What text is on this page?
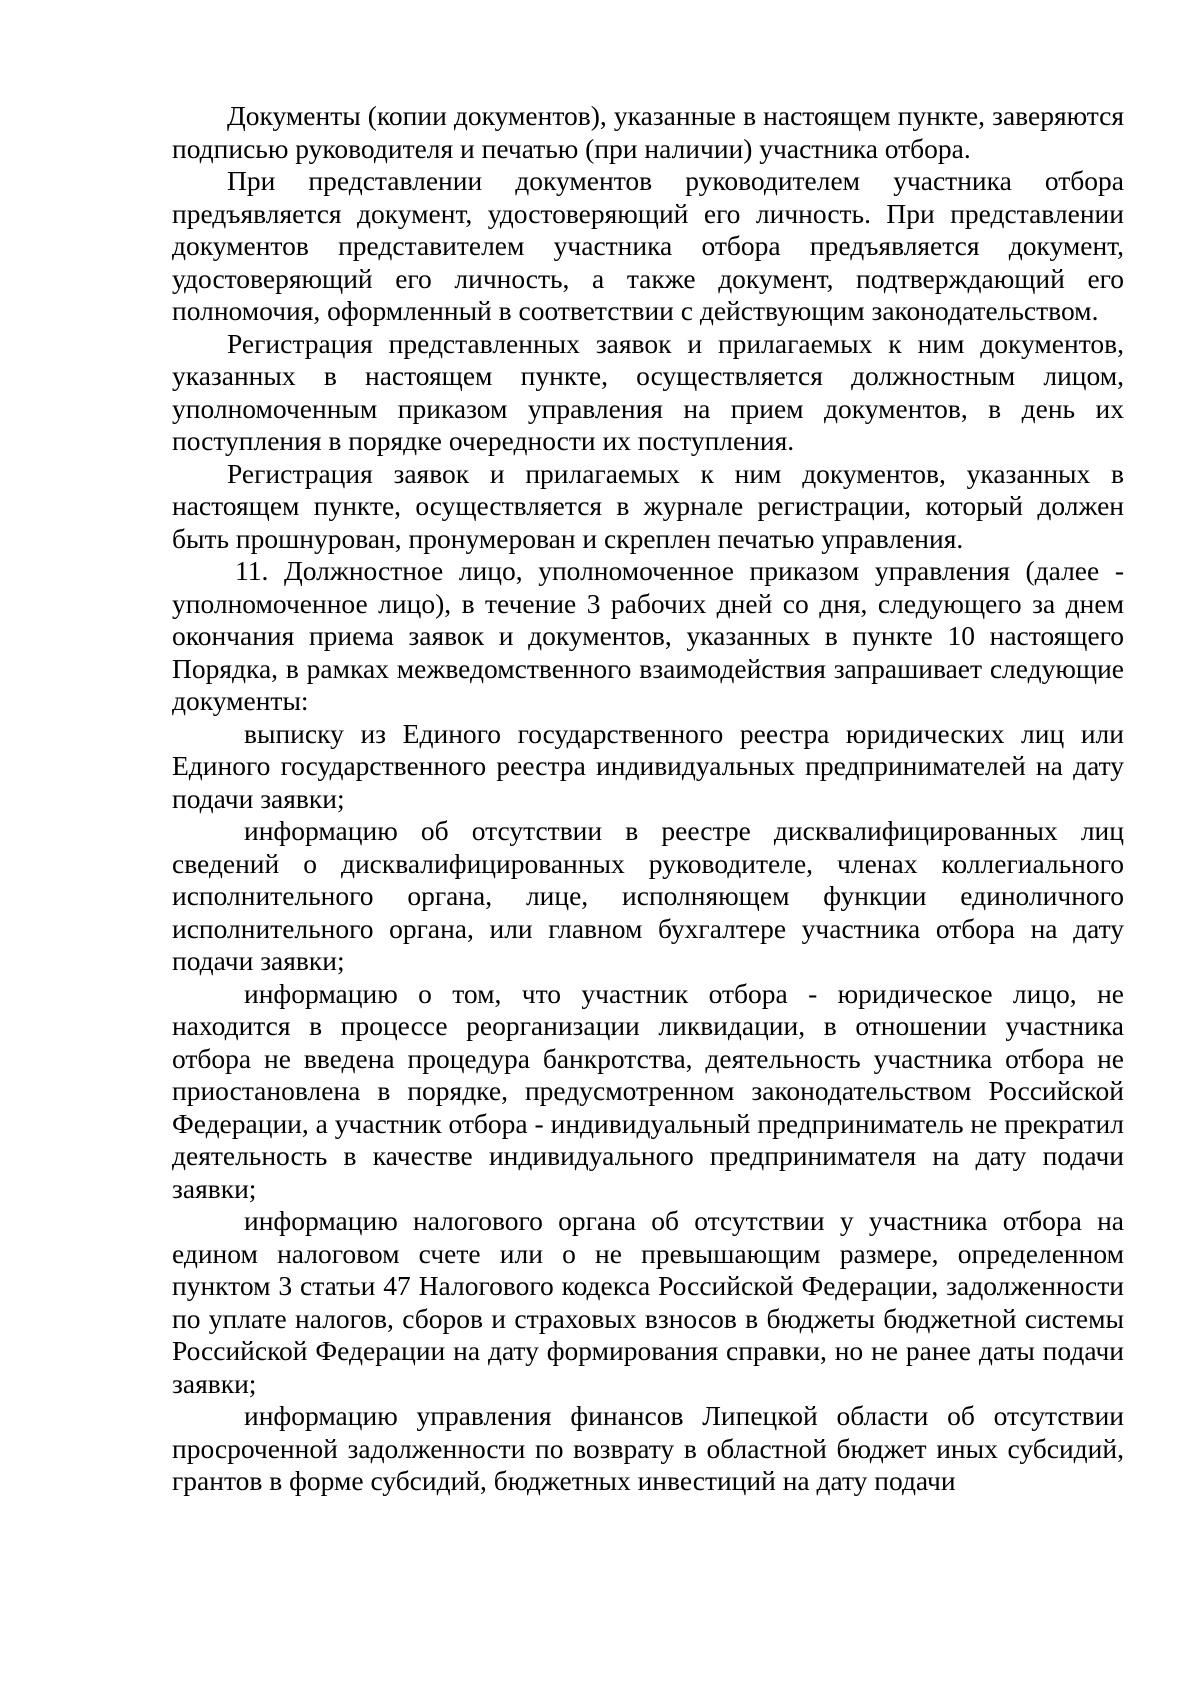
Документы (копии документов), указанные в настоящем пункте, заверяются подписью руководителя и печатью (при наличии) участника отбора.

При представлении документов руководителем участника отбора предъявляется документ, удостоверяющий его личность. При представлении документов представителем участника отбора предъявляется документ, удостоверяющий его личность, а также документ, подтверждающий его полномочия, оформленный в соответствии с действующим законодательством.

Регистрация представленных заявок и прилагаемых к ним документов, указанных в настоящем пункте, осуществляется должностным лицом, уполномоченным приказом управления на прием документов, в день их поступления в порядке очередности их поступления.

Регистрация заявок и прилагаемых к ним документов, указанных в настоящем пункте, осуществляется в журнале регистрации, который должен быть прошнурован, пронумерован и скреплен печатью управления.

11. Должностное лицо, уполномоченное приказом управления (далее - уполномоченное лицо), в течение 3 рабочих дней со дня, следующего за днем окончания приема заявок и документов, указанных в пункте 10 настоящего Порядка, в рамках межведомственного взаимодействия запрашивает следующие документы:

выписку из Единого государственного реестра юридических лиц или Единого государственного реестра индивидуальных предпринимателей на дату подачи заявки;

информацию об отсутствии в реестре дисквалифицированных лиц сведений о дисквалифицированных руководителе, членах коллегиального исполнительного органа, лице, исполняющем функции единоличного исполнительного органа, или главном бухгалтере участника отбора на дату подачи заявки;

информацию о том, что участник отбора - юридическое лицо, не находится в процессе реорганизации ликвидации, в отношении участника отбора не введена процедура банкротства, деятельность участника отбора не приостановлена в порядке, предусмотренном законодательством Российской Федерации, а участник отбора - индивидуальный предприниматель не прекратил деятельность в качестве индивидуального предпринимателя на дату подачи заявки;

информацию налогового органа об отсутствии у участника отбора на едином налоговом счете или о не превышающим размере, определенном пунктом 3 статьи 47 Налогового кодекса Российской Федерации, задолженности по уплате налогов, сборов и страховых взносов в бюджеты бюджетной системы Российской Федерации на дату формирования справки, но не ранее даты подачи заявки;

информацию управления финансов Липецкой области об отсутствии просроченной задолженности по возврату в областной бюджет иных субсидий, грантов в форме субсидий, бюджетных инвестиций на дату подачи
